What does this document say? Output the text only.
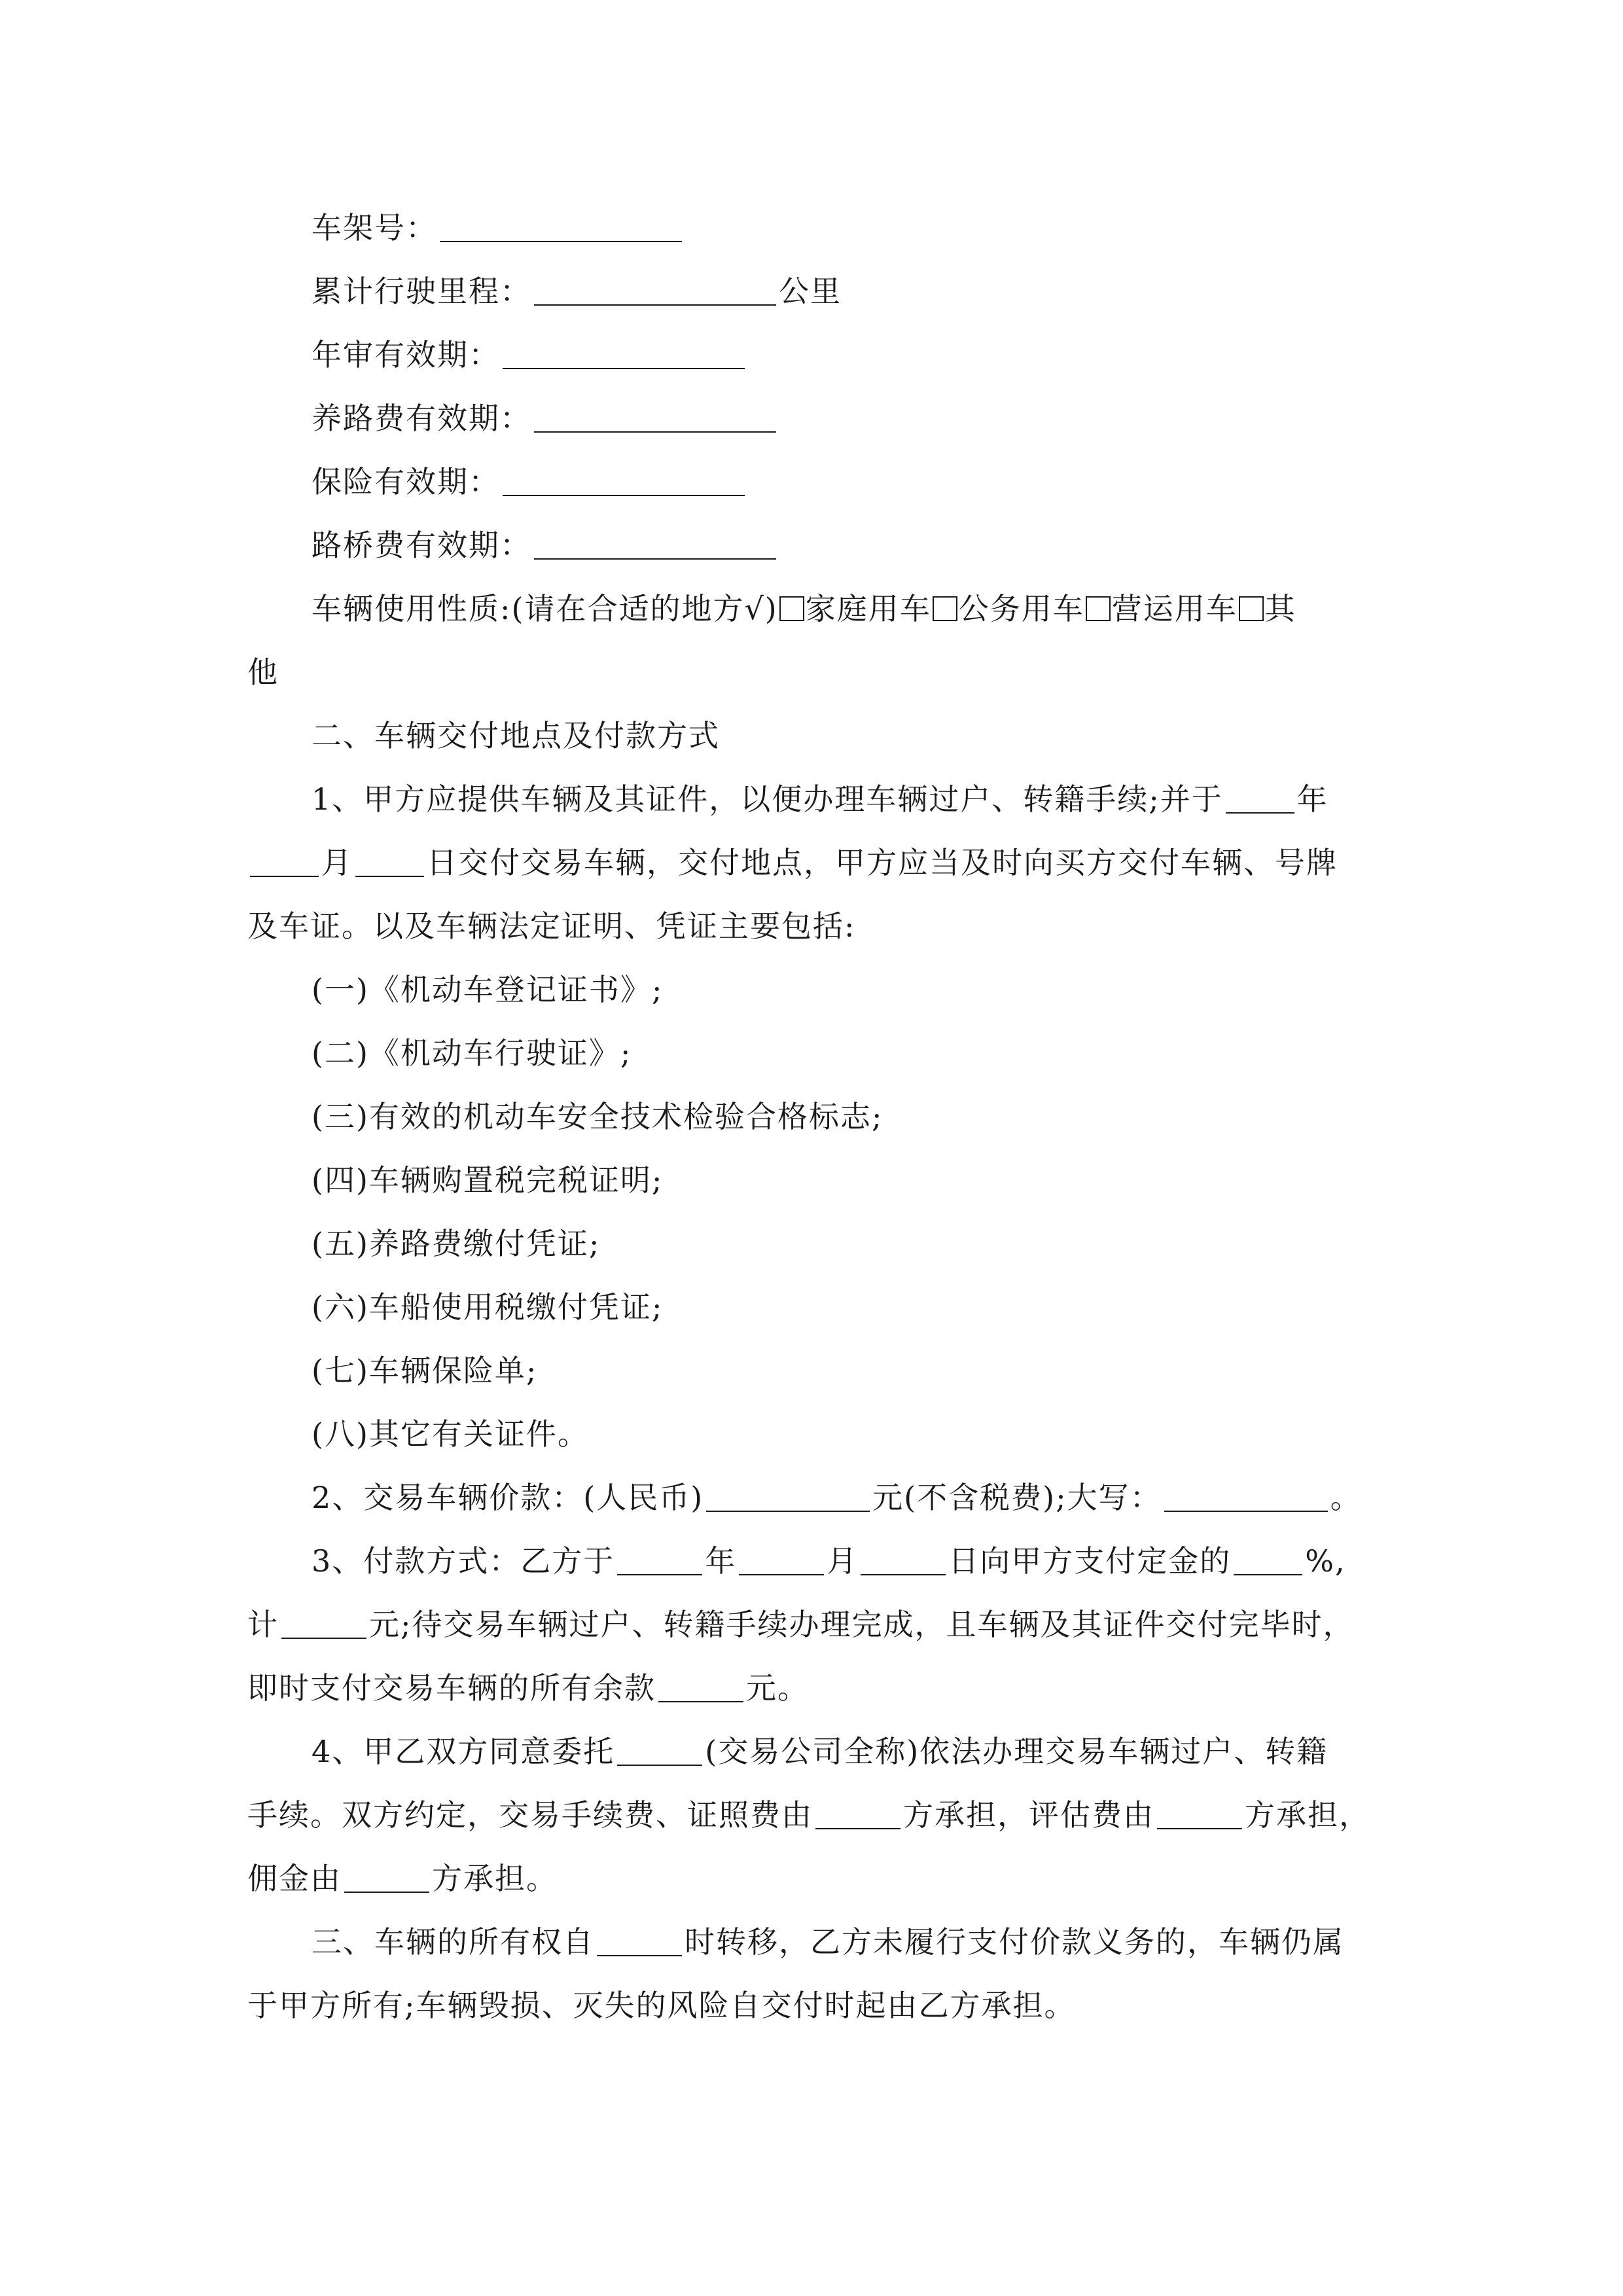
车架号：
累计行驶里程：	公里
年审有效期：
养路费有效期：
保险有效期：
路桥费有效期：
车辆使用性质:(请在合适的地方√) 家庭用车 公务用车 营运用车 其
他
二、车辆交付地点及付款方式
1、甲方应提供车辆及其证件，以便办理车辆过户、转籍手续;并于 年
月 日交付交易车辆，交付地点，甲方应当及时向买方交付车辆、号牌
及车证。以及车辆法定证明、凭证主要包括:
(一)《机动车登记证书》;
(二)《机动车行驶证》;
(三)有效的机动车安全技术检验合格标志;
(四)车辆购置税完税证明;
(五)养路费缴付凭证;
(六)车船使用税缴付凭证;
(七)车辆保险单;
(八)其它有关证件。
2、交易车辆价款：(人民币)	元(不含税费);大写：	。
3、付款方式：乙方于	年	月	日向甲方支付定金的 %,
计	元;待交易车辆过户、转籍手续办理完成，且车辆及其证件交付完毕时，
即时支付交易车辆的所有余款	元。
4、甲乙双方同意委托	(交易公司全称)依法办理交易车辆过户、转籍
手续。双方约定，交易手续费、证照费由	方承担，评估费由	方承担，
佣金由	方承担。
三、车辆的所有权自	时转移，乙方未履行支付价款义务的，车辆仍属
于甲方所有;车辆毁损、灭失的风险自交付时起由乙方承担。
